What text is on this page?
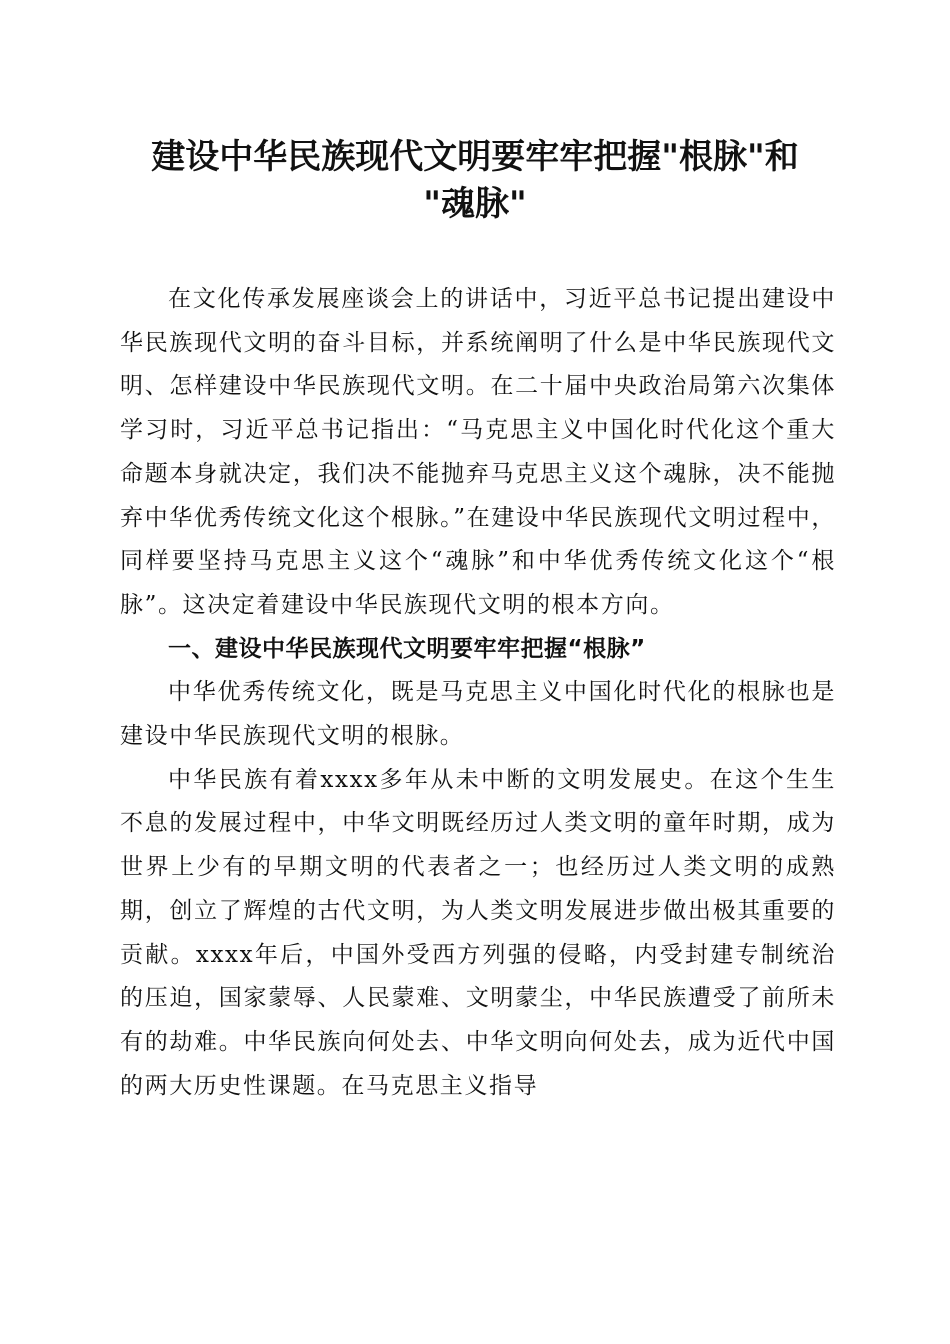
建设中华民族现代文明要牢牢把握"根脉"和
"魂脉"

在文化传承发展座谈会上的讲话中，习近平总书记提出建设中华民族现代文明的奋斗目标，并系统阐明了什么是中华民族现代文明、怎样建设中华民族现代文明。在二十届中央政治局第六次集体学习时，习近平总书记指出：“马克思主义中国化时代化这个重大命题本身就决定，我们决不能抛弃马克思主义这个魂脉，决不能抛弃中华优秀传统文化这个根脉。”在建设中华民族现代文明过程中，同样要坚持马克思主义这个“魂脉”和中华优秀传统文化这个“根脉”。这决定着建设中华民族现代文明的根本方向。

一、建设中华民族现代文明要牢牢把握“根脉”

中华优秀传统文化，既是马克思主义中国化时代化的根脉也是建设中华民族现代文明的根脉。

中华民族有着xxxx多年从未中断的文明发展史。在这个生生不息的发展过程中，中华文明既经历过人类文明的童年时期，成为世界上少有的早期文明的代表者之一；也经历过人类文明的成熟期，创立了辉煌的古代文明，为人类文明发展进步做出极其重要的贡献。xxxx年后，中国外受西方列强的侵略，内受封建专制统治的压迫，国家蒙辱、人民蒙难、文明蒙尘，中华民族遭受了前所未有的劫难。中华民族向何处去、中华文明向何处去，成为近代中国的两大历史性课题。在马克思主义指导
